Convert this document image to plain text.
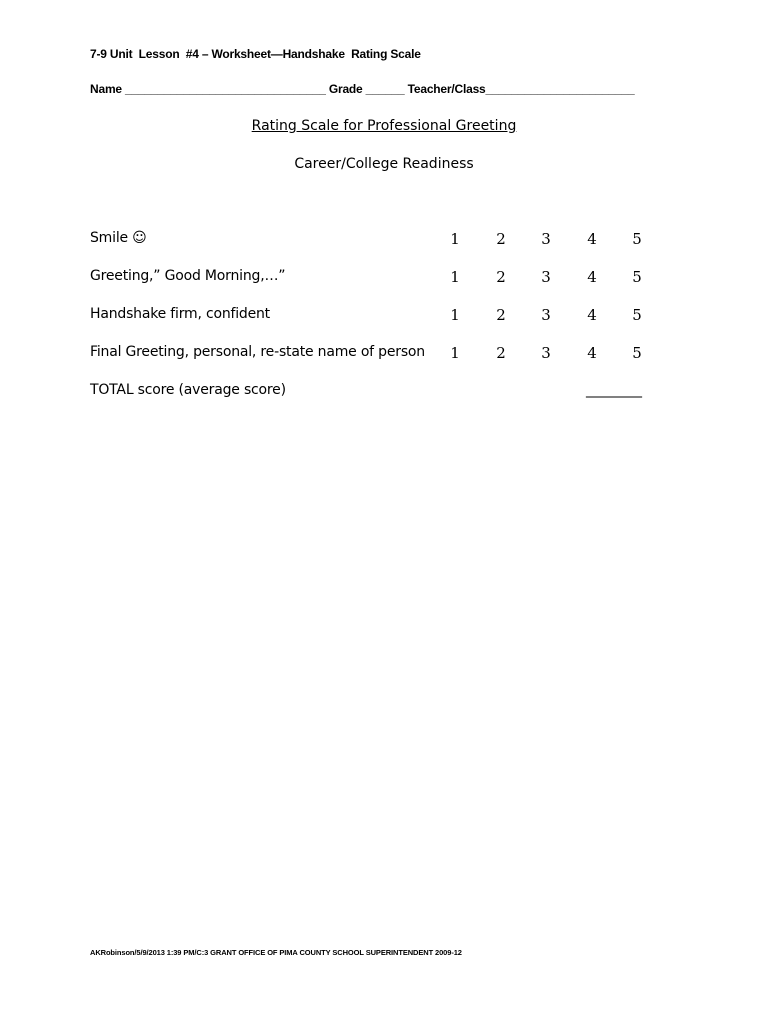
7-9 Unit  Lesson  #4 – Worksheet—Handshake  Rating Scale
Name _______________________________ Grade ______ Teacher/Class_______________________
Rating Scale for Professional Greeting
Career/College Readiness
Smile ☺	1 2 3 4 5
Greeting,” Good Morning,…”	1 2 3 4 5
Handshake firm, confident	1 2 3 4 5
Final Greeting, personal, re-state name of person 1 2 3 4 5
TOTAL score (average score)	________
AKRobinson/5/9/2013 1:39 PM/C:3 GRANT OFFICE OF PIMA COUNTY SCHOOL SUPERINTENDENT 2009-12
